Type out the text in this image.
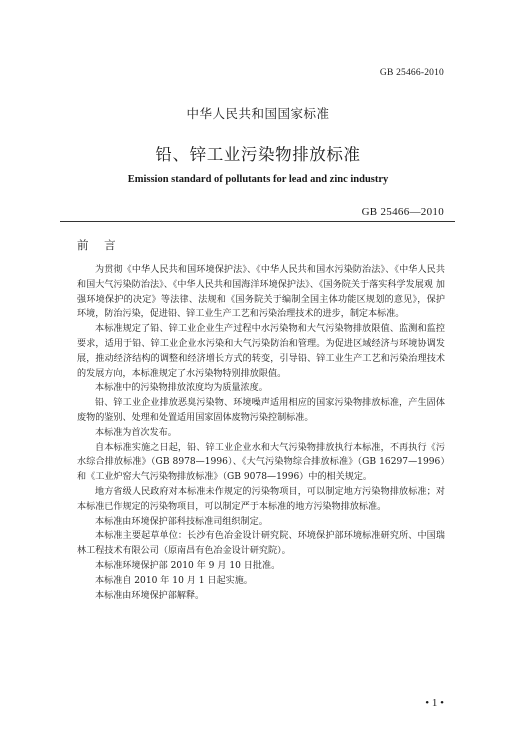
GB 25466-2010
中华人民共和国国家标准
铅、锌工业污染物排放标准
Emission standard of pollutants for lead and zinc industry
GB 25466—2010
前 言

为贯彻《中华人民共和国环境保护法》、《中华人民共和国水污染防治法》、《中华人民共和国大气污染防治法》、《中华人民共和国海洋环境保护法》、《国务院关于落实科学发展观 加强环境保护的决定》等法律、法规和《国务院关于编制全国主体功能区规划的意见》，保护环境，防治污染，促进铅、锌工业生产工艺和污染治理技术的进步，制定本标准。

本标准规定了铅、锌工业企业生产过程中水污染物和大气污染物排放限值、监测和监控要求，适用于铅、锌工业企业水污染和大气污染防治和管理。为促进区域经济与环境协调发展，推动经济结构的调整和经济增长方式的转变，引导铅、锌工业生产工艺和污染治理技术的发展方向，本标准规定了水污染物特别排放限值。

本标准中的污染物排放浓度均为质量浓度。

铅、锌工业企业排放恶臭污染物、环境噪声适用相应的国家污染物排放标准，产生固体废物的鉴别、处理和处置适用国家固体废物污染控制标准。

本标准为首次发布。

自本标准实施之日起，铅、锌工业企业水和大气污染物排放执行本标准，不再执行《污水综合排放标准》（GB 8978—1996）、《大气污染物综合排放标准》（GB 16297—1996）和《工业炉窑大气污染物排放标准》（GB 9078—1996）中的相关规定。

地方省级人民政府对本标准未作规定的污染物项目，可以制定地方污染物排放标准；对本标准已作规定的污染物项目，可以制定严于本标准的地方污染物排放标准。

本标准由环境保护部科技标准司组织制定。

本标准主要起草单位：长沙有色冶金设计研究院、环境保护部环境标准研究所、中国瑞林工程技术有限公司（原南昌有色冶金设计研究院）。

本标准环境保护部 2010 年 9 月 10 日批准。

本标准自 2010 年 10 月 1 日起实施。

本标准由环境保护部解释。

• 1 •
